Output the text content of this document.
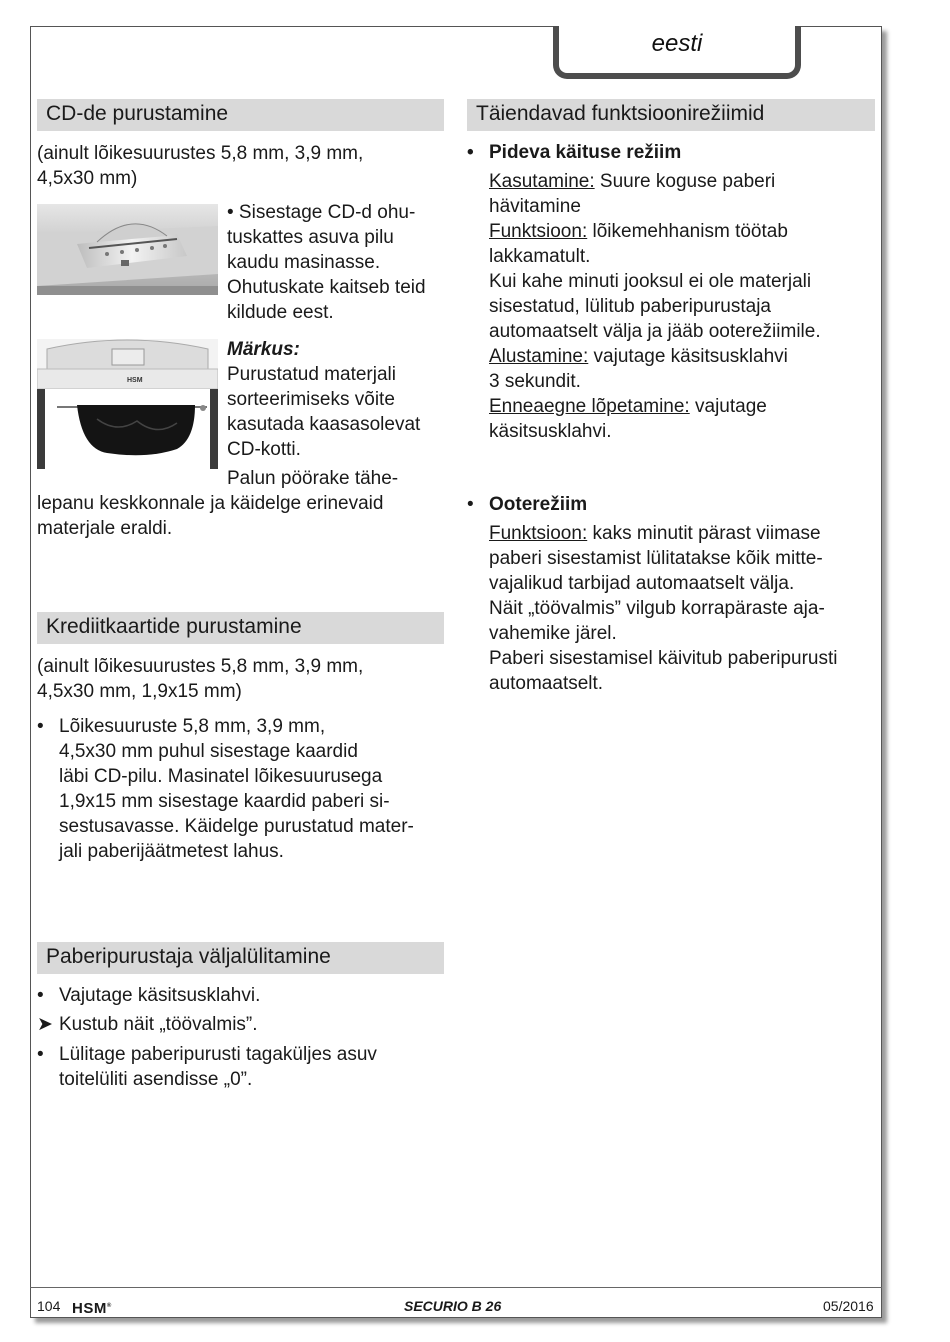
eesti
CD-de purustamine

(ainult lõikesuurustes 5,8 mm, 3,9 mm,

4,5x30 mm)

• Sisestage CD-d ohu-

tuskattes asuva pilu

kaudu masinasse.

Ohutuskate kaitseb teid

kildude eest.

HSM

Märkus:

Purustatud materjali

sorteerimiseks võite

kasutada kaasasolevat

CD-kotti.

Palun pöörake tähe-

lepanu keskkonnale ja käidelge erinevaid

materjale eraldi.

Krediitkaartide purustamine

(ainult lõikesuurustes 5,8 mm, 3,9 mm,

4,5x30 mm, 1,9x15 mm)

• Lõikesuuruste 5,8 mm, 3,9 mm,

4,5x30 mm puhul sisestage kaardid

läbi CD-pilu. Masinatel lõikesuurusega

1,9x15 mm sisestage kaardid paberi si-

sestusavasse. Käidelge purustatud mater-

jali paberijäätmetest lahus.

Paberipurustaja väljalülitamine
• Vajutage käsitsusklahvi.

➤ Kustub näit „töövalmis”.

• Lülitage paberipurusti tagaküljes asuv

toitelüliti asendisse „0”.

Täiendavad funktsioonirežiimid
• Pideva käituse režiim

Kasutamine: Suure koguse paberi

hävitamine

Funktsioon: lõikemehhanism töötab

lakkamatult.

Kui kahe minuti jooksul ei ole materjali

sisestatud, lülitub paberipurustaja

automaatselt välja ja jääb ooterežiimile.

Alustamine: vajutage käsitsusklahvi

3 sekundit.

Enneaegne lõpetamine: vajutage

käsitsusklahvi.

• Ooterežiim

Funktsioon: kaks minutit pärast viimase

paberi sisestamist lülitatakse kõik mitte-

vajalikud tarbijad automaatselt välja.

Näit „töövalmis” vilgub korrapäraste aja-

vahemike järel.

Paberi sisestamisel käivitub paberipurusti

automaatselt.

104 HSM®	SECURIO B 26	05/2016
